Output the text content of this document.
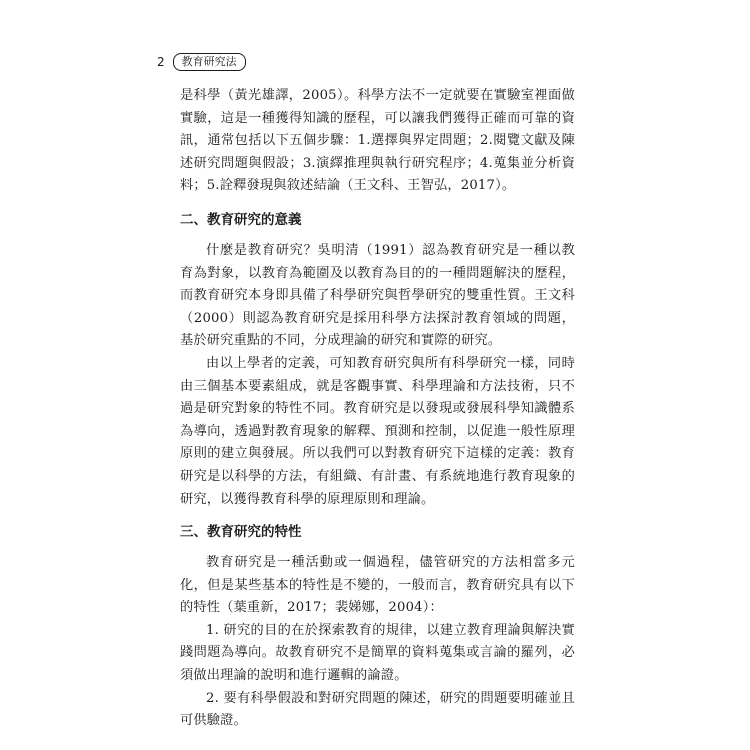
2	教育研究法

是科學（黃光雄譯，2005）。科學方法不一定就要在實驗室裡面做實驗，這是一種獲得知識的歷程，可以讓我們獲得正確而可靠的資訊，通常包括以下五個步驟：1.選擇與界定問題；2.閱覽文獻及陳述研究問題與假設；3.演繹推理與執行研究程序；4.蒐集並分析資料；5.詮釋發現與敘述結論（王文科、王智弘，2017）。

二、教育研究的意義

什麼是教育研究？吳明清（1991）認為教育研究是一種以教育為對象，以教育為範圍及以教育為目的的一種問題解決的歷程，而教育研究本身即具備了科學研究與哲學研究的雙重性質。王文科（2000）則認為教育研究是採用科學方法探討教育領域的問題，基於研究重點的不同，分成理論的研究和實際的研究。

由以上學者的定義，可知教育研究與所有科學研究一樣，同時由三個基本要素組成，就是客觀事實、科學理論和方法技術，只不過是研究對象的特性不同。教育研究是以發現或發展科學知識體系為導向，透過對教育現象的解釋、預測和控制，以促進一般性原理原則的建立與發展。所以我們可以對教育研究下這樣的定義：教育研究是以科學的方法，有組織、有計畫、有系統地進行教育現象的研究，以獲得教育科學的原理原則和理論。

三、教育研究的特性

教育研究是一種活動或一個過程，儘管研究的方法相當多元化，但是某些基本的特性是不變的，一般而言，教育研究具有以下的特性（葉重新，2017；裴娣娜，2004）：

1. 研究的目的在於探索教育的規律，以建立教育理論與解決實踐問題為導向。故教育研究不是簡單的資料蒐集或言論的羅列，必須做出理論的說明和進行邏輯的論證。

2. 要有科學假設和對研究問題的陳述，研究的問題要明確並且可供驗證。
